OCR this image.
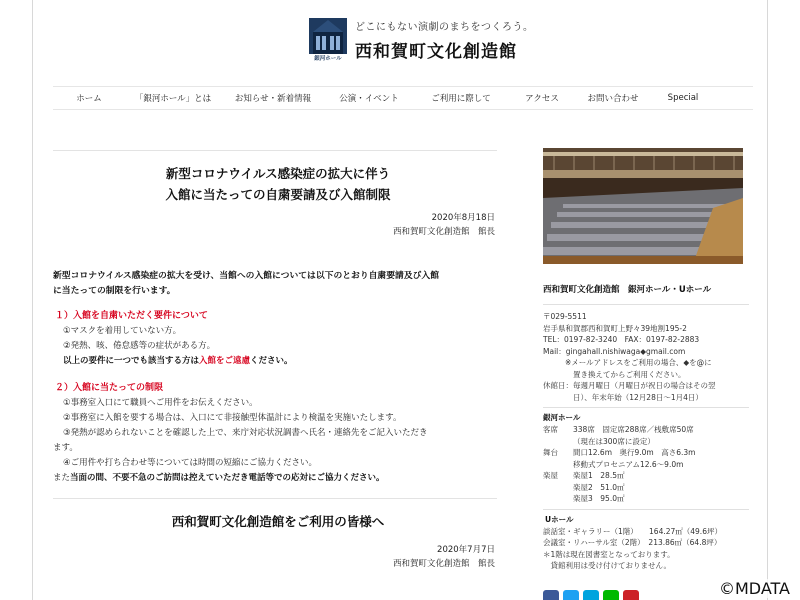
銀河ホール
どこにもない演劇のまちをつくろう。
西和賀町文化創造館
ホーム	「銀河ホール」とは	お知らせ・新着情報	公演・イベント	ご利用に際して	アクセス	お問い合わせ	Special
新型コロナウイルス感染症の拡大に伴う
入館に当たっての自粛要請及び入館制限
2020年8月18日
西和賀町文化創造館　館長
新型コロナウイルス感染症の拡大を受け、当館への入館については以下のとおり自粛要請及び入館
に当たっての制限を行います。
１）入館を自粛いただく要件について
①マスクを着用していない方。
②発熱、咳、倦怠感等の症状がある方。
以上の要件に一つでも該当する方は入館をご遠慮ください。
２）入館に当たっての制限
①事務室入口にて職員へご用件をお伝えください。
②事務室に入館を要する場合は、入口にて非接触型体温計により検温を実施いたします。
③発熱が認められないことを確認した上で、来庁対応状況調書へ氏名・連絡先をご記入いただき
ます。
④ご用件や打ち合わせ等については時間の短縮にご協力ください。
また当面の間、不要不急のご訪問は控えていただき電話等での応対にご協力ください。
西和賀町文化創造館をご利用の皆様へ
2020年7月7日
西和賀町文化創造館　館長
西和賀町文化創造館　銀河ホール・Uホール
〒029-5511
岩手県和賀郡西和賀町上野々39地割195-2
TEL：0197-82-3240　FAX：0197-82-2883
Mail：gingahall.nishiwaga◆gmail.com
※メールアドレスをご利用の場合、◆を@に
置き換えてからご利用ください。
休館日：毎週月曜日（月曜日が祝日の場合はその翌
日）、年末年始（12月28日～1月4日）
銀河ホール
客席	338席　固定席288席／桟敷席50席
（現在は300席に設定）
舞台	間口12.6m　奥行9.0m　高さ6.3m
移動式プロセニアム12.6～9.0m
楽屋	楽屋1　28.5㎡
楽屋2　51.0㎡
楽屋3　95.0㎡
Uホール
談話室・ギャラリー（1階）　　164.27㎡（49.6坪）
会議室・リハーサル室（2階）　213.86㎡（64.8坪）
＊1階は現在図書室となっております。
　貸館利用は受け付けておりません。
©MDATA
